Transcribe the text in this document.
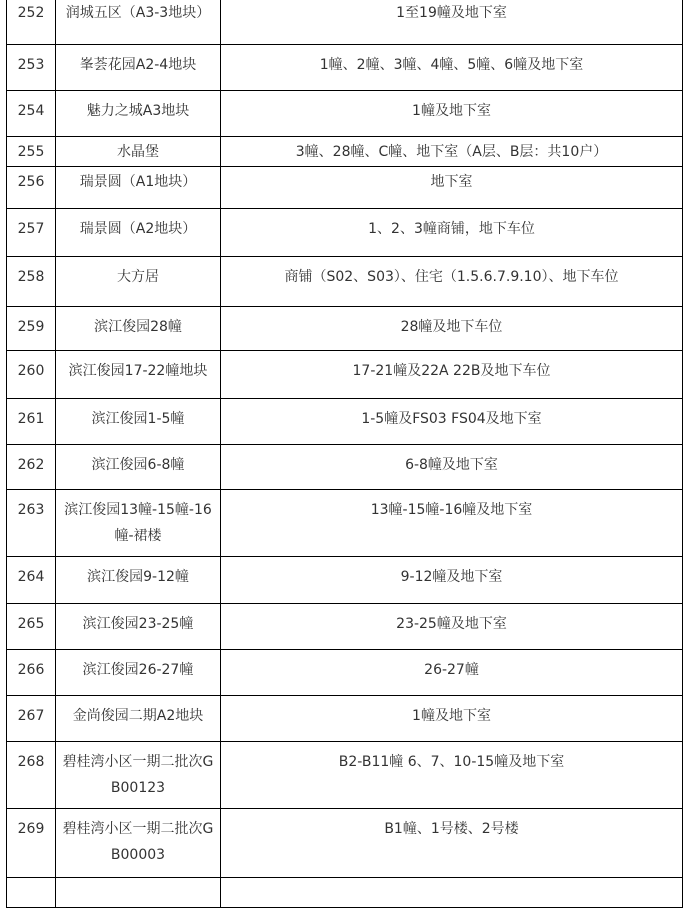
252	润城五区（A3-3地块）	1至19幢及地下室
253	峯荟花园A2-4地块	1幢、2幢、3幢、4幢、5幢、6幢及地下室
254	魅力之城A3地块	1幢及地下室
255	水晶堡	3幢、28幢、C幢、地下室（A层、B层：共10户）
256	瑞景圆（A1地块）	地下室
257	瑞景圆（A2地块）	1、2、3幢商铺，地下车位
258	大方居	商铺（S02、S03）、住宅（1.5.6.7.9.10）、地下车位
259	滨江俊园28幢	28幢及地下车位
260	滨江俊园17-22幢地块	17-21幢及22A 22B及地下车位
261	滨江俊园1-5幢	1-5幢及FS03 FS04及地下室
262	滨江俊园6-8幢	6-8幢及地下室
263	滨江俊园13幢-15幢-16幢-裙楼	13幢-15幢-16幢及地下室
264	滨江俊园9-12幢	9-12幢及地下室
265	滨江俊园23-25幢	23-25幢及地下室
266	滨江俊园26-27幢	26-27幢
267	金尚俊园二期A2地块	1幢及地下室
268	碧桂湾小区一期二批次GB00123	B2-B11幢 6、7、10-15幢及地下室
269	碧桂湾小区一期二批次GB00003	B1幢、1号楼、2号楼
